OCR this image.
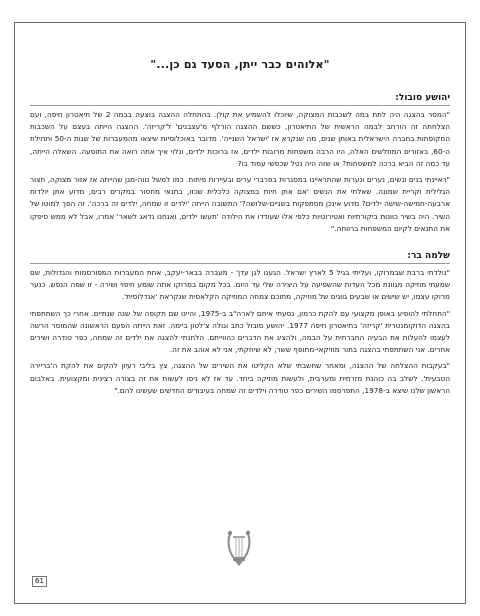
"אלוהים כבר ייתן, הסעד גם כן..."
יהושע סובול:

"המסר בהצגה היה לתת במה לשכבות המצוקה, שיוכלו להשמיע את קולן. בהתחלה ההצגה בוצעה בבמה 2 של תיאטרון חיפה, ועם הצלחתה זה הורחב לבמה הראשית של התיאטרון, כששם ההצגה הורלף מ'עצבנים' ל'קריזה'. ההצגה הייתה בעצם על השכבות המקופחות בחברה הישראלית באותן שנים, מה שנקרא אז 'ישראל השנייה'. מדובר באוכלוסיות שיצאו מהמעברות של שנות ה-50 ותחילת ה-60, באזורים המוזלשים האלה, היו הרבה משפחות מרובות ילדים, אז ברוכות ילדים, ונלוי איך אתה רואה את התופעה. השאלה הייתה, עד כמה זה הביא ברכה למשפחות? או שזה היה נטל שכפשי עמוד בו?

"ראיינתי בנים ונשים, נערים ונערות שהתראיינו במסגרות בפרברי ערים ובעיירות פיתוח. כמו למשל נווה-מגן שהייתה אז אזור מצוקה, חצור הגלילית וקריית שמונה. שאלתי את הנשים 'אם אתן חיות במצוקה כלכלית שכזו, בתנאי מחסור במקרים רבים, מדוע אתן יולדות ארבעה-חמישה-שישה ילדים? מדוע אינכן מסתפקות בשניים-שלושה?' התשובה הייתה 'ילדים זו שמחה, ילדים זה ברכה'. זה הפך למוטו של השיר. היה בשיר כוונות ביקורתיות ואטירוטיות כלפי אלו שעודדו את הילודה 'תעשו ילדים, ואנחנו נדאג לשאר' אמרו, אבל לא ממש סיפקו את התנאים לקיום המשפחות ברווחה."

שלמה בר:

"נולדתי ברבת שבמרוקו, ועליתי בגיל 5 לארץ ישראל. הגענו לגן עדן' - מעברה בבאר-יעקב, אחת המעברות המפורסמות והגדולות, שם שמעתי מוזיקה מגוונת מכל העדות שהשפיעה על היצירה שלי עד היום. בכל מקום במרוקו אתה שומע חיפוי ושירה - זו שפה הנפש. כנער מרוקו עצמו, יש שישים או שבעים גוונים של מוזיקה, מתוכם צמחה המוזיקה הקלאסית שנקראת 'אנדלוסית'.

"התחלתי להופיע באופן מקצועי עם להקת כרמון, נסעתי איתם לארה"ב ב-1975, והיינו שם תקופה של שנה שנתיים. אחרי כך השתתפתי בהצגה הדוקומנטרית 'קריזה' בתיאטרון חיפה 1977. יהושע סובול כתב וגולה צ'לטון ביימה. זאת הייתה הפעם הראשונה שהמוסר הרשה לעצמו להעלות את הבעיה החברתית על הבמה, ולהציג את הדברים כהווייתם. הלחנתי להצגה את ילדים זה שמחה, כפר טודרה ושירים אחרים. אני השתתפתי בהצגה בתור מוזיקאי-מתופף ששר, לא שיחקתי, אני לא אוהב את זה.

"בעקבות ההצלחה של ההצגה, ומאחר שחשבתי שלא הקליטו את השירים של ההצגה, צץ בליבי רעיון להקים את להקת ה'בריירה הטבעית'. לשלב בה כוהנת מזרחית ומערבית, ולעשות מוזיקה ביחד. עד אז לא ניסו לעשות את זה בצורה רצינית ומקצועית. באלבום הראשון שלנו שיצא ב-1978, התפרסמו השירים כפר טודרה וילדים זה שמחה בעיבודים החדשים שעשינו להם."

61
